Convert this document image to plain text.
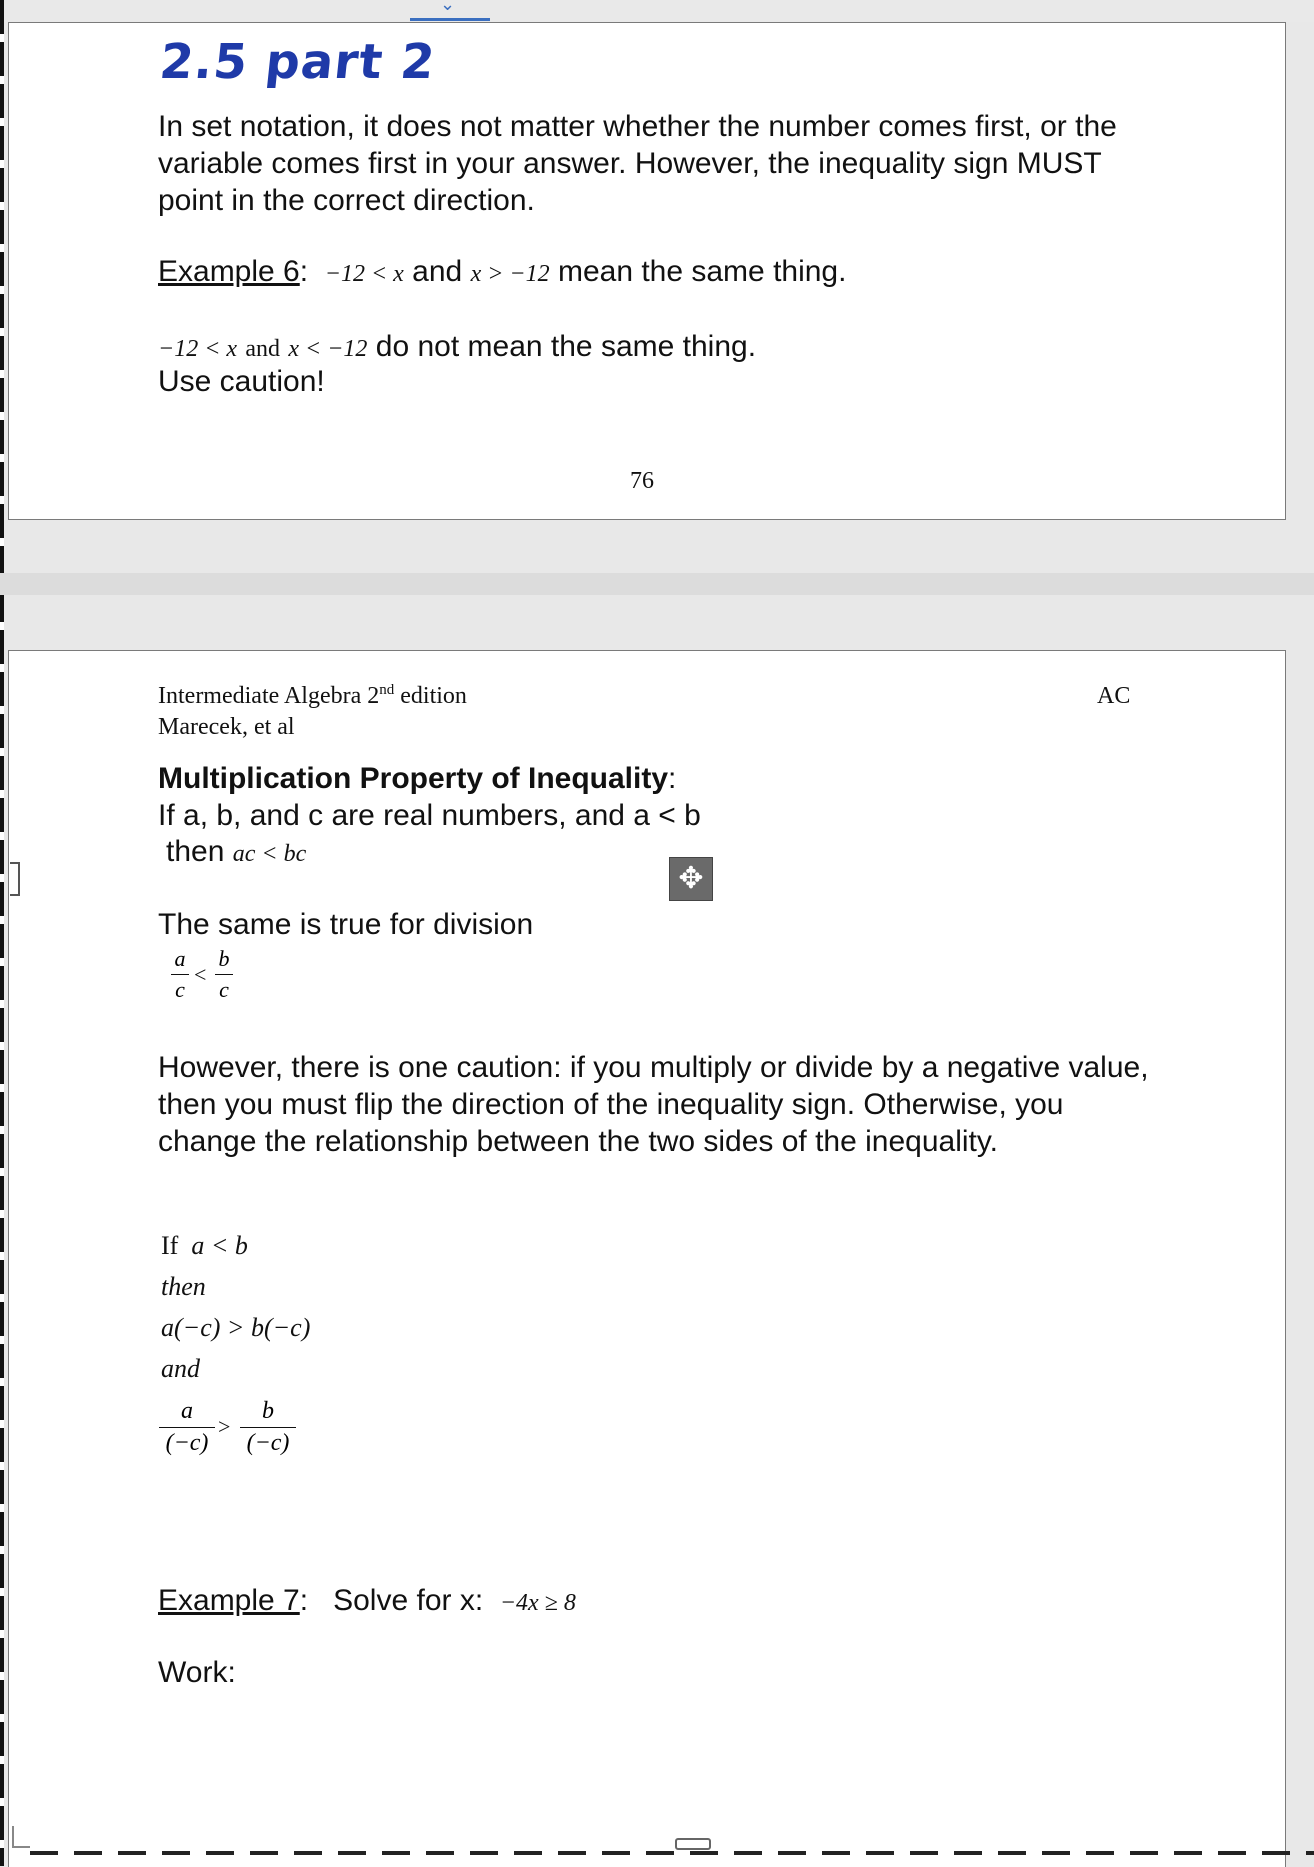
⌄
2.5 part 2
In set notation, it does not matter whether the number comes first, or the variable comes first in your answer. However, the inequality sign MUST point in the correct direction.
Example 6: −12 < x and x > −12 mean the same thing.
−12 < x and x < −12 do not mean the same thing.
Use caution!
76
Intermediate Algebra 2nd edition
Marecek, et al
AC
Multiplication Property of Inequality:
If a, b, and c are real numbers, and a < b
then ac < bc
✥
The same is true for division
a
c
<
b
c
However, there is one caution: if you multiply or divide by a negative value, then you must flip the direction of the inequality sign. Otherwise, you change the relationship between the two sides of the inequality.
If a < b
then
a(−c) > b(−c)
and
a
(−c)
>
b
(−c)
Example 7: Solve for x: −4x ≥ 8
Work:
